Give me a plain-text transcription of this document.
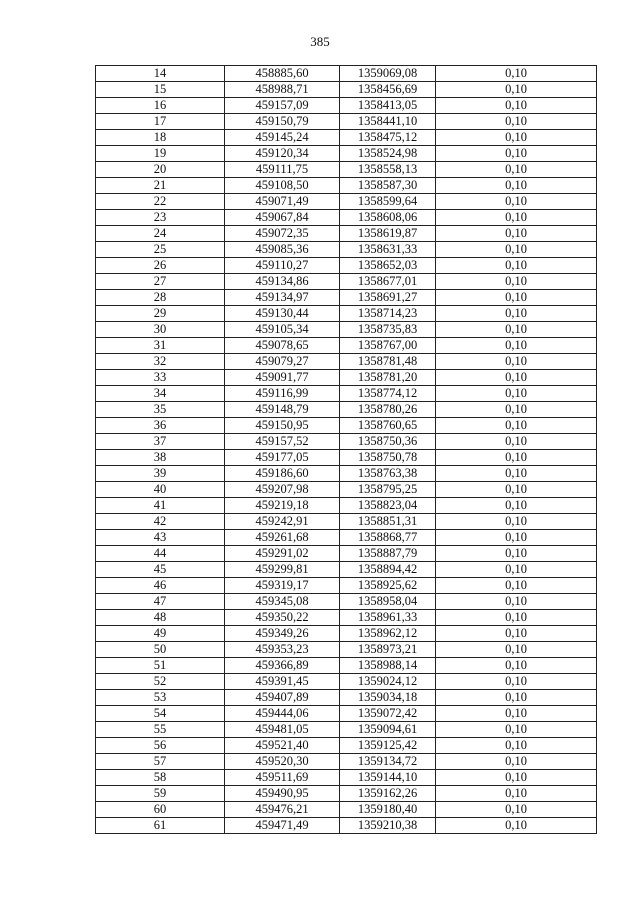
385
14	458885,60	1359069,08	0,10
15	458988,71	1358456,69	0,10
16	459157,09	1358413,05	0,10
17	459150,79	1358441,10	0,10
18	459145,24	1358475,12	0,10
19	459120,34	1358524,98	0,10
20	459111,75	1358558,13	0,10
21	459108,50	1358587,30	0,10
22	459071,49	1358599,64	0,10
23	459067,84	1358608,06	0,10
24	459072,35	1358619,87	0,10
25	459085,36	1358631,33	0,10
26	459110,27	1358652,03	0,10
27	459134,86	1358677,01	0,10
28	459134,97	1358691,27	0,10
29	459130,44	1358714,23	0,10
30	459105,34	1358735,83	0,10
31	459078,65	1358767,00	0,10
32	459079,27	1358781,48	0,10
33	459091,77	1358781,20	0,10
34	459116,99	1358774,12	0,10
35	459148,79	1358780,26	0,10
36	459150,95	1358760,65	0,10
37	459157,52	1358750,36	0,10
38	459177,05	1358750,78	0,10
39	459186,60	1358763,38	0,10
40	459207,98	1358795,25	0,10
41	459219,18	1358823,04	0,10
42	459242,91	1358851,31	0,10
43	459261,68	1358868,77	0,10
44	459291,02	1358887,79	0,10
45	459299,81	1358894,42	0,10
46	459319,17	1358925,62	0,10
47	459345,08	1358958,04	0,10
48	459350,22	1358961,33	0,10
49	459349,26	1358962,12	0,10
50	459353,23	1358973,21	0,10
51	459366,89	1358988,14	0,10
52	459391,45	1359024,12	0,10
53	459407,89	1359034,18	0,10
54	459444,06	1359072,42	0,10
55	459481,05	1359094,61	0,10
56	459521,40	1359125,42	0,10
57	459520,30	1359134,72	0,10
58	459511,69	1359144,10	0,10
59	459490,95	1359162,26	0,10
60	459476,21	1359180,40	0,10
61	459471,49	1359210,38	0,10
